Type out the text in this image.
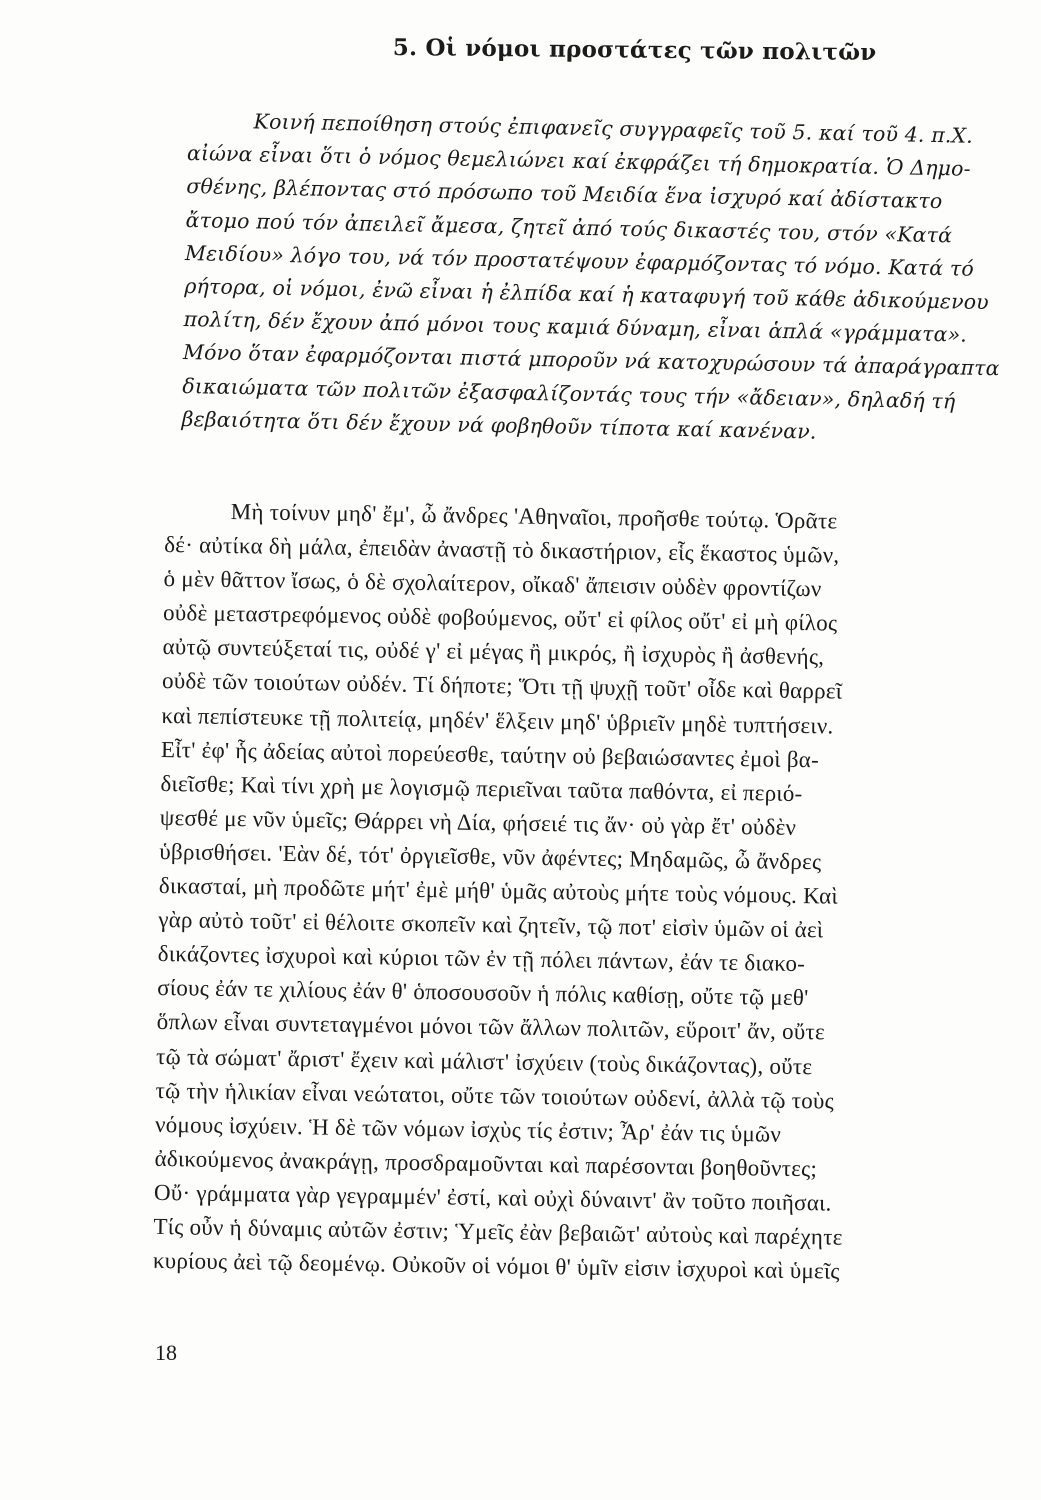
5. Οἱ νόμοι προστάτες τῶν πολιτῶν
Κοινή πεποίθηση στούς ἐπιφανεῖς συγγραφεῖς τοῦ 5. καί τοῦ 4. π.Χ.
αἰώνα εἶναι ὅτι ὁ νόμος θεμελιώνει καί ἐκφράζει τή δημοκρατία. Ὁ Δημο-
σθένης, βλέποντας στό πρόσωπο τοῦ Μειδία ἕνα ἰσχυρό καί ἀδίστακτο
ἄτομο πού τόν ἀπειλεῖ ἄμεσα, ζητεῖ ἀπό τούς δικαστές του, στόν «Κατά
Μειδίου» λόγο του, νά τόν προστατέψουν ἐφαρμόζοντας τό νόμο. Κατά τό
ρήτορα, οἱ νόμοι, ἐνῶ εἶναι ἡ ἐλπίδα καί ἡ καταφυγή τοῦ κάθε ἀδικούμενου
πολίτη, δέν ἔχουν ἀπό μόνοι τους καμιά δύναμη, εἶναι ἁπλά «γράμματα».
Μόνο ὅταν ἐφαρμόζονται πιστά μποροῦν νά κατοχυρώσουν τά ἀπαράγραπτα
δικαιώματα τῶν πολιτῶν ἐξασφαλίζοντάς τους τήν «ἄδειαν», δηλαδή τή
βεβαιότητα ὅτι δέν ἔχουν νά φοβηθοῦν τίποτα καί κανέναν.
Μὴ τοίνυν μηδ' ἔμ', ὦ ἄνδρες 'Αθηναῖοι, προῆσθε τούτῳ. Ὁρᾶτε
δέ· αὐτίκα δὴ μάλα, ἐπειδὰν ἀναστῇ τὸ δικαστήριον, εἷς ἕκαστος ὑμῶν,
ὁ μὲν θᾶττον ἴσως, ὁ δὲ σχολαίτερον, οἴκαδ' ἄπεισιν οὐδὲν φροντίζων
οὐδὲ μεταστρεφόμενος οὐδὲ φοβούμενος, οὔτ' εἰ φίλος οὔτ' εἰ μὴ φίλος
αὐτῷ συντεύξεταί τις, οὐδέ γ' εἰ μέγας ἢ μικρός, ἢ ἰσχυρὸς ἢ ἀσθενής,
οὐδὲ τῶν τοιούτων οὐδέν. Τί δήποτε; Ὅτι τῇ ψυχῇ τοῦτ' οἶδε καὶ θαρρεῖ
καὶ πεπίστευκε τῇ πολιτείᾳ, μηδέν' ἕλξειν μηδ' ὑβριεῖν μηδὲ τυπτήσειν.
Εἶτ' ἐφ' ἧς ἀδείας αὐτοὶ πορεύεσθε, ταύτην οὐ βεβαιώσαντες ἐμοὶ βα-
διεῖσθε; Καὶ τίνι χρὴ με λογισμῷ περιεῖναι ταῦτα παθόντα, εἰ περιό-
ψεσθέ με νῦν ὑμεῖς; Θάρρει νὴ Δία, φήσειέ τις ἄν· οὐ γὰρ ἔτ' οὐδὲν
ὑβρισθήσει. 'Εὰν δέ, τότ' ὀργιεῖσθε, νῦν ἀφέντες; Μηδαμῶς, ὦ ἄνδρες
δικασταί, μὴ προδῶτε μήτ' ἐμὲ μήθ' ὑμᾶς αὐτοὺς μήτε τοὺς νόμους. Καὶ
γὰρ αὐτὸ τοῦτ' εἰ θέλοιτε σκοπεῖν καὶ ζητεῖν, τῷ ποτ' εἰσὶν ὑμῶν οἱ ἀεὶ
δικάζοντες ἰσχυροὶ καὶ κύριοι τῶν ἐν τῇ πόλει πάντων, ἐάν τε διακο-
σίους ἐάν τε χιλίους ἐάν θ' ὁποσουσοῦν ἡ πόλις καθίσῃ, οὔτε τῷ μεθ'
ὅπλων εἶναι συντεταγμένοι μόνοι τῶν ἄλλων πολιτῶν, εὕροιτ' ἄν, οὔτε
τῷ τὰ σώματ' ἄριστ' ἔχειν καὶ μάλιστ' ἰσχύειν (τοὺς δικάζοντας), οὔτε
τῷ τὴν ἡλικίαν εἶναι νεώτατοι, οὔτε τῶν τοιούτων οὐδενί, ἀλλὰ τῷ τοὺς
νόμους ἰσχύειν. Ἡ δὲ τῶν νόμων ἰσχὺς τίς ἐστιν; Ἆρ' ἐάν τις ὑμῶν
ἀδικούμενος ἀνακράγῃ, προσδραμοῦνται καὶ παρέσονται βοηθοῦντες;
Οὔ· γράμματα γὰρ γεγραμμέν' ἐστί, καὶ οὐχὶ δύναιντ' ἂν τοῦτο ποιῆσαι.
Τίς οὖν ἡ δύναμις αὐτῶν ἐστιν; Ὑμεῖς ἐὰν βεβαιῶτ' αὐτοὺς καὶ παρέχητε
κυρίους ἀεὶ τῷ δεομένῳ. Οὐκοῦν οἱ νόμοι θ' ὑμῖν εἰσιν ἰσχυροὶ καὶ ὑμεῖς
18
